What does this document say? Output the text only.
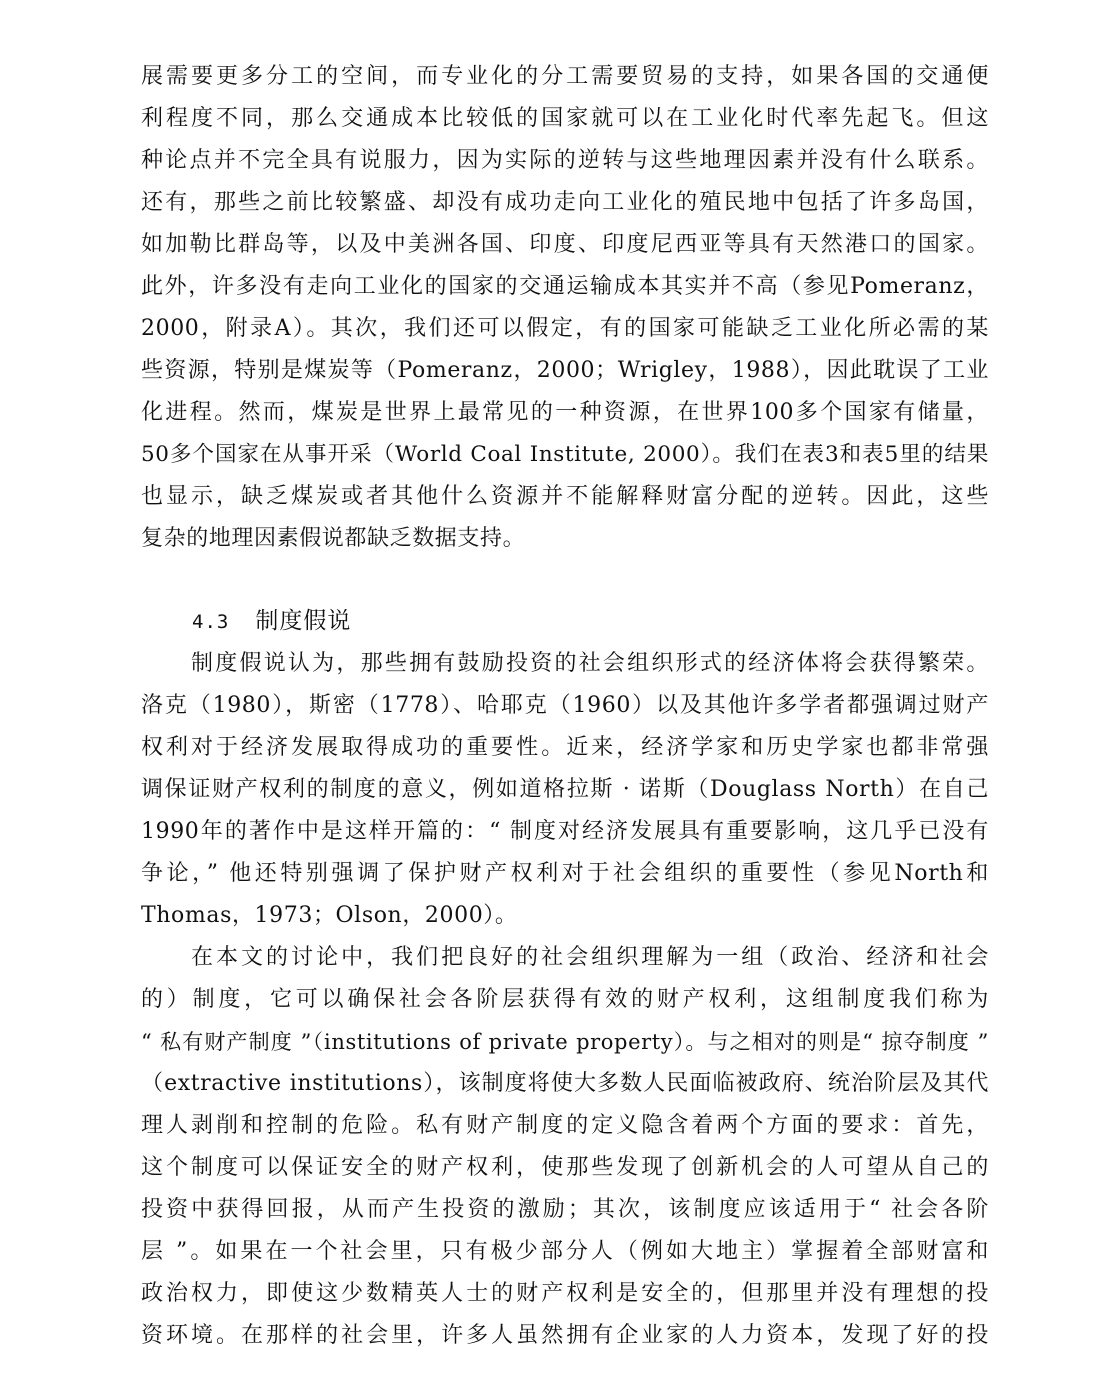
展需要更多分工的空间，而专业化的分工需要贸易的支持，如果各国的交通便
利程度不同，那么交通成本比较低的国家就可以在工业化时代率先起飞。但这
种论点并不完全具有说服力，因为实际的逆转与这些地理因素并没有什么联系。
还有，那些之前比较繁盛、却没有成功走向工业化的殖民地中包括了许多岛国，
如加勒比群岛等，以及中美洲各国、印度、印度尼西亚等具有天然港口的国家。
此外，许多没有走向工业化的国家的交通运输成本其实并不高（参见Pomeranz，
2000，附录A）。其次，我们还可以假定，有的国家可能缺乏工业化所必需的某
些资源，特别是煤炭等（Pomeranz，2000；Wrigley，1988），因此耽误了工业
化进程。然而，煤炭是世界上最常见的一种资源，在世界100多个国家有储量，
50多个国家在从事开采（World Coal Institute, 2000）。我们在表3和表5里的结果
也显示，缺乏煤炭或者其他什么资源并不能解释财富分配的逆转。因此，这些
复杂的地理因素假说都缺乏数据支持。
4.3 制度假说
制度假说认为，那些拥有鼓励投资的社会组织形式的经济体将会获得繁荣。
洛克（1980），斯密（1778）、哈耶克（1960）以及其他许多学者都强调过财产
权利对于经济发展取得成功的重要性。近来，经济学家和历史学家也都非常强
调保证财产权利的制度的意义，例如道格拉斯 · 诺斯（Douglass North）在自己
1990年的著作中是这样开篇的：“ 制度对经济发展具有重要影响，这几乎已没有
争论，” 他还特别强调了保护财产权利对于社会组织的重要性（参见North和
Thomas，1973；Olson，2000）。
在本文的讨论中，我们把良好的社会组织理解为一组（政治、经济和社会
的）制度，它可以确保社会各阶层获得有效的财产权利，这组制度我们称为
“ 私有财产制度 ”（institutions of private property）。与之相对的则是“ 掠夺制度 ”
（extractive institutions），该制度将使大多数人民面临被政府、统治阶层及其代
理人剥削和控制的危险。私有财产制度的定义隐含着两个方面的要求：首先，
这个制度可以保证安全的财产权利，使那些发现了创新机会的人可望从自己的
投资中获得回报，从而产生投资的激励；其次，该制度应该适用于“ 社会各阶
层 ”。如果在一个社会里，只有极少部分人（例如大地主）掌握着全部财富和
政治权力，即使这少数精英人士的财产权利是安全的，但那里并没有理想的投
资环境。在那样的社会里，许多人虽然拥有企业家的人力资本，发现了好的投
